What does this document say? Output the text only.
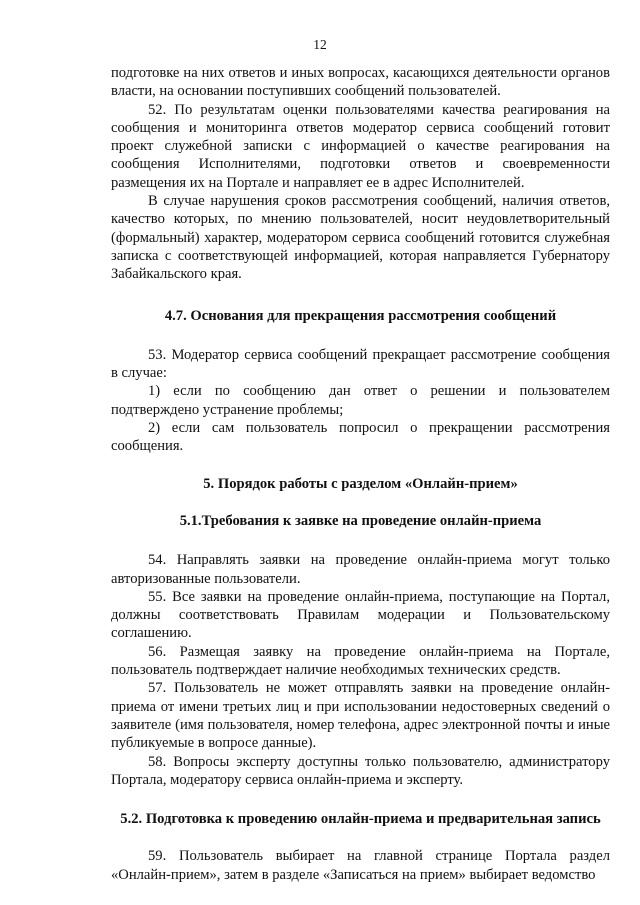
12

подготовке на них ответов и иных вопросах, касающихся деятельности органов власти, на основании поступивших сообщений пользователей.

52. По результатам оценки пользователями качества реагирования на сообщения и мониторинга ответов модератор сервиса сообщений готовит проект служебной записки с информацией о качестве реагирования на сообщения Исполнителями, подготовки ответов и своевременности размещения их на Портале и направляет ее в адрес Исполнителей.

В случае нарушения сроков рассмотрения сообщений, наличия ответов, качество которых, по мнению пользователей, носит неудовлетворительный (формальный) характер, модератором сервиса сообщений готовится служебная записка с соответствующей информацией, которая направляется Губернатору Забайкальского края.

4.7. Основания для прекращения рассмотрения сообщений

53. Модератор сервиса сообщений прекращает рассмотрение сообщения в случае:

1) если по сообщению дан ответ о решении и пользователем подтверждено устранение проблемы;

2) если сам пользователь попросил о прекращении рассмотрения сообщения.

5. Порядок работы с разделом «Онлайн-прием»
5.1.Требования к заявке на проведение онлайн-приема

54. Направлять заявки на проведение онлайн-приема могут только авторизованные пользователи.

55. Все заявки на проведение онлайн-приема, поступающие на Портал, должны соответствовать Правилам модерации и Пользовательскому соглашению.

56. Размещая заявку на проведение онлайн-приема на Портале, пользователь подтверждает наличие необходимых технических средств.

57. Пользователь не может отправлять заявки на проведение онлайн-приема от имени третьих лиц и при использовании недостоверных сведений о заявителе (имя пользователя, номер телефона, адрес электронной почты и иные публикуемые в вопросе данные).

58. Вопросы эксперту доступны только пользователю, администратору Портала, модератору сервиса онлайн-приема и эксперту.

5.2. Подготовка к проведению онлайн-приема и предварительная запись

59. Пользователь выбирает на главной странице Портала раздел «Онлайн-прием», затем в разделе «Записаться на прием» выбирает ведомство
